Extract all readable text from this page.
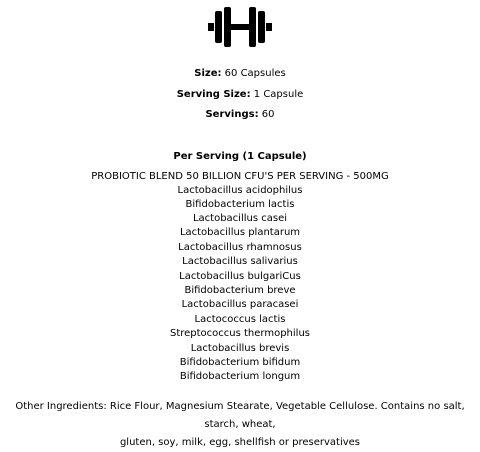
Size: 60 Capsules
Serving Size: 1 Capsule
Servings: 60
Per Serving (1 Capsule)
PROBIOTIC BLEND 50 BILLION CFU'S PER SERVING - 500MG
Lactobacillus acidophilus
Bifidobacterium lactis
Lactobacillus casei
Lactobacillus plantarum
Lactobacillus rhamnosus
Lactobacillus salivarius
Lactobacillus bulgariCus
Bifidobacterium breve
Lactobacillus paracasei
Lactococcus lactis
Streptococcus thermophilus
Lactobacillus brevis
Bifidobacterium bifidum
Bifidobacterium longum
Other Ingredients: Rice Flour, Magnesium Stearate, Vegetable Cellulose. Contains no salt, starch, wheat,
gluten, soy, milk, egg, shellfish or preservatives
